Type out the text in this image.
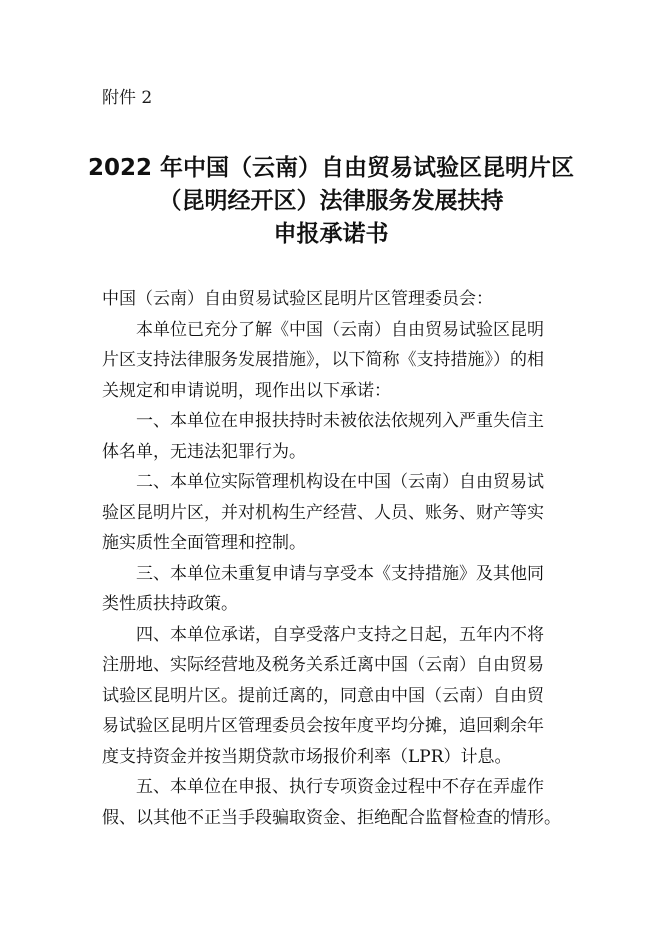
附件 2
2022 年中国（云南）自由贸易试验区昆明片区
（昆明经开区）法律服务发展扶持
申报承诺书
中国（云南）自由贸易试验区昆明片区管理委员会：
本单位已充分了解《中国（云南）自由贸易试验区昆明
片区支持法律服务发展措施》，以下简称《支持措施》）的相
关规定和申请说明，现作出以下承诺：
一、本单位在申报扶持时未被依法依规列入严重失信主
体名单，无违法犯罪行为。
二、本单位实际管理机构设在中国（云南）自由贸易试
验区昆明片区，并对机构生产经营、人员、账务、财产等实
施实质性全面管理和控制。
三、本单位未重复申请与享受本《支持措施》及其他同
类性质扶持政策。
四、本单位承诺，自享受落户支持之日起，五年内不将
注册地、实际经营地及税务关系迁离中国（云南）自由贸易
试验区昆明片区。提前迁离的，同意由中国（云南）自由贸
易试验区昆明片区管理委员会按年度平均分摊，追回剩余年
度支持资金并按当期贷款市场报价利率（LPR）计息。
五、本单位在申报、执行专项资金过程中不存在弄虚作
假、以其他不正当手段骗取资金、拒绝配合监督检查的情形。
